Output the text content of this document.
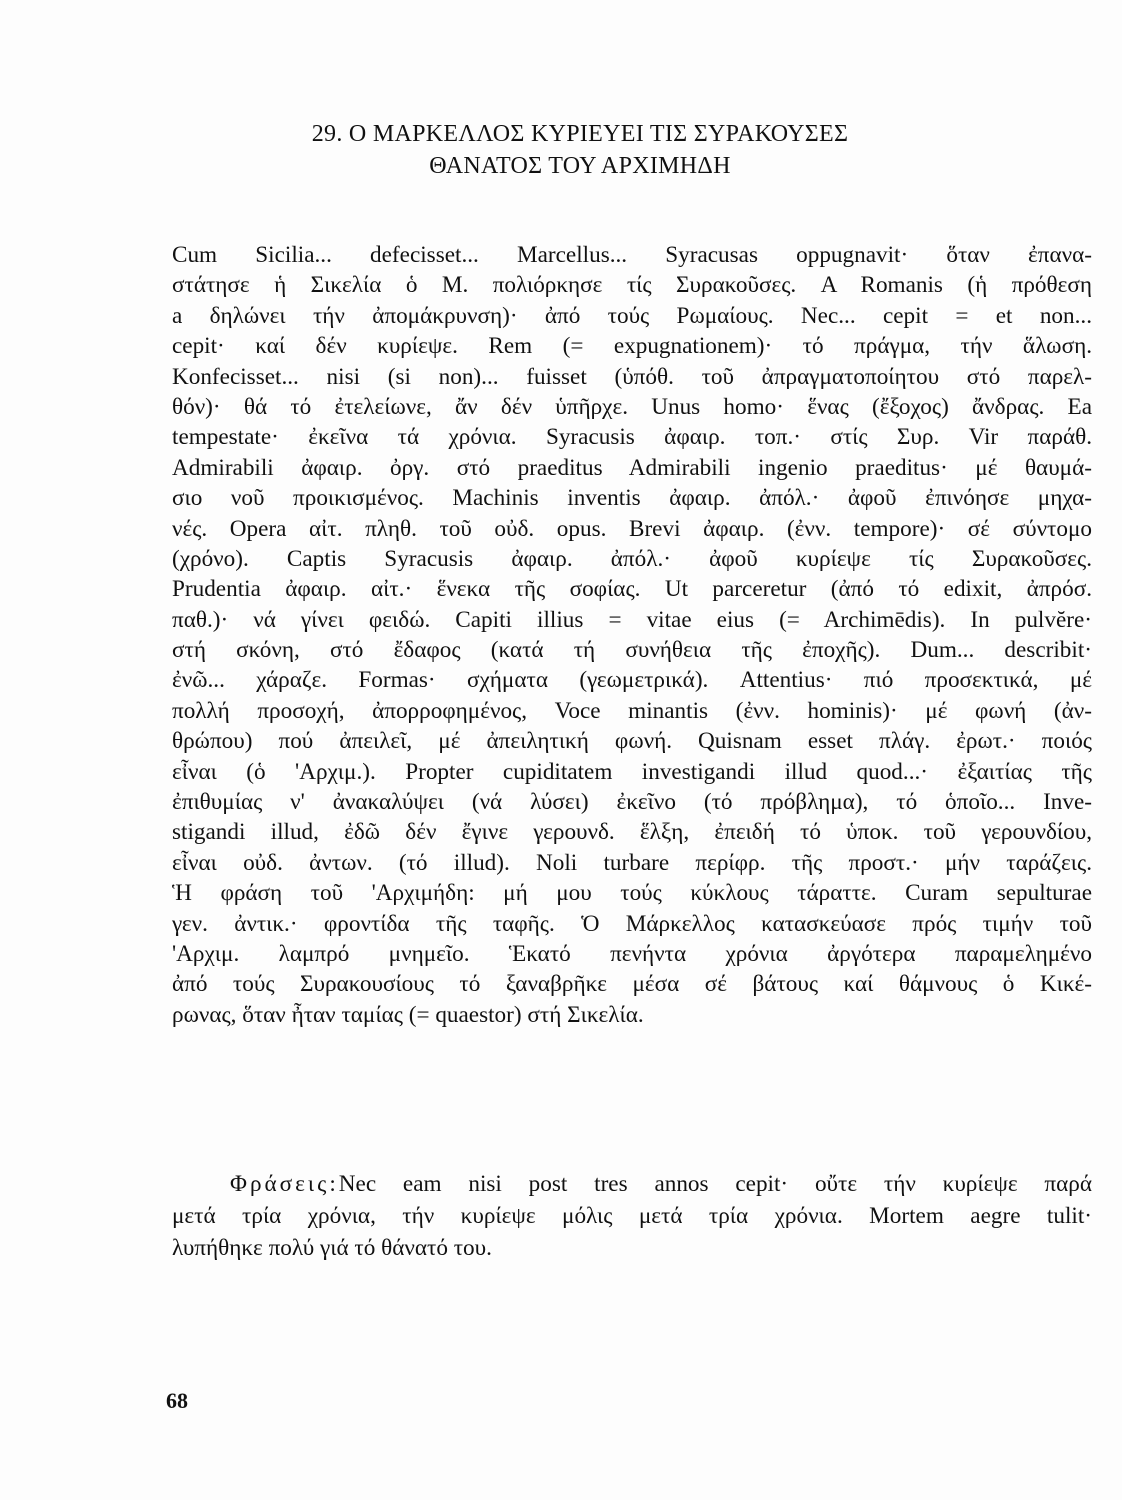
29. Ο ΜΑΡΚΕΛΛΟΣ ΚΥΡΙΕΥΕΙ ΤΙΣ ΣΥΡΑΚΟΥΣΕΣ
ΘΑΝΑΤΟΣ ΤΟΥ ΑΡΧΙΜΗΔΗ
Cum Sicilia... defecisset... Marcellus... Syracusas oppugnavit· ὅταν ἐπανα-
στάτησε ἡ Σικελία ὁ Μ. πολιόρκησε τίς Συρακοῦσες. A Romanis (ἡ πρόθεση
a δηλώνει τήν ἀπομάκρυνση)· ἀπό τούς Ρωμαίους. Nec... cepit = et non...
cepit· καί δέν κυρίεψε. Rem (= expugnationem)· τό πράγμα, τήν ἅλωση.
Konfecisset... nisi (si non)... fuisset (ὑπόθ. τοῦ ἀπραγματοποίητου στό παρελ-
θόν)· θά τό ἐτελείωνε, ἄν δέν ὑπῆρχε. Unus homo· ἕνας (ἔξοχος) ἄνδρας. Ea
tempestate· ἐκεῖνα τά χρόνια. Syracusis ἀφαιρ. τοπ.· στίς Συρ. Vir παράθ.
Admirabili ἀφαιρ. ὀργ. στό praeditus Admirabili ingenio praeditus· μέ θαυμά-
σιο νοῦ προικισμένος. Machinis inventis ἀφαιρ. ἀπόλ.· ἀφοῦ ἐπινόησε μηχα-
νές. Opera αἰτ. πληθ. τοῦ οὐδ. opus. Brevi ἀφαιρ. (ἐνν. tempore)· σέ σύντομο
(χρόνο). Captis Syracusis ἀφαιρ. ἀπόλ.· ἀφοῦ κυρίεψε τίς Συρακοῦσες.
Prudentia ἀφαιρ. αἰτ.· ἕνεκα τῆς σοφίας. Ut parceretur (ἀπό τό edixit, ἀπρόσ.
παθ.)· νά γίνει φειδώ. Capiti illius = vitae eius (= Archimēdis). In pulvĕre·
στή σκόνη, στό ἔδαφος (κατά τή συνήθεια τῆς ἐποχῆς). Dum... describit·
ἐνῶ... χάραζε. Formas· σχήματα (γεωμετρικά). Attentius· πιό προσεκτικά, μέ
πολλή προσοχή, ἀπορροφημένος, Voce minantis (ἐνν. hominis)· μέ φωνή (ἀν-
θρώπου) πού ἀπειλεῖ, μέ ἀπειλητική φωνή. Quisnam esset πλάγ. ἐρωτ.· ποιός
εἶναι (ὁ 'Αρχιμ.). Propter cupiditatem investigandi illud quod...· ἐξαιτίας τῆς
ἐπιθυμίας ν' ἀνακαλύψει (νά λύσει) ἐκεῖνο (τό πρόβλημα), τό ὁποῖο... Inve-
stigandi illud, ἐδῶ δέν ἔγινε γερουνδ. ἕλξη, ἐπειδή τό ὑποκ. τοῦ γερουνδίου,
εἶναι οὐδ. ἀντων. (τό illud). Noli turbare περίφρ. τῆς προστ.· μήν ταράζεις.
Ἡ φράση τοῦ 'Αρχιμήδη: μή μου τούς κύκλους τάραττε. Curam sepulturae
γεν. ἀντικ.· φροντίδα τῆς ταφῆς. Ὁ Μάρκελλος κατασκεύασε πρός τιμήν τοῦ
'Αρχιμ. λαμπρό μνημεῖο. Ἑκατό πενήντα χρόνια ἀργότερα παραμελημένο
ἀπό τούς Συρακουσίους τό ξαναβρῆκε μέσα σέ βάτους καί θάμνους ὁ Κικέ-
ρωνας, ὅταν ἦταν ταμίας (= quaestor) στή Σικελία.
Φράσεις:Nec eam nisi post tres annos cepit· οὔτε τήν κυρίεψε παρά
μετά τρία χρόνια, τήν κυρίεψε μόλις μετά τρία χρόνια. Mortem aegre tulit·
λυπήθηκε πολύ γιά τό θάνατό του.
68
